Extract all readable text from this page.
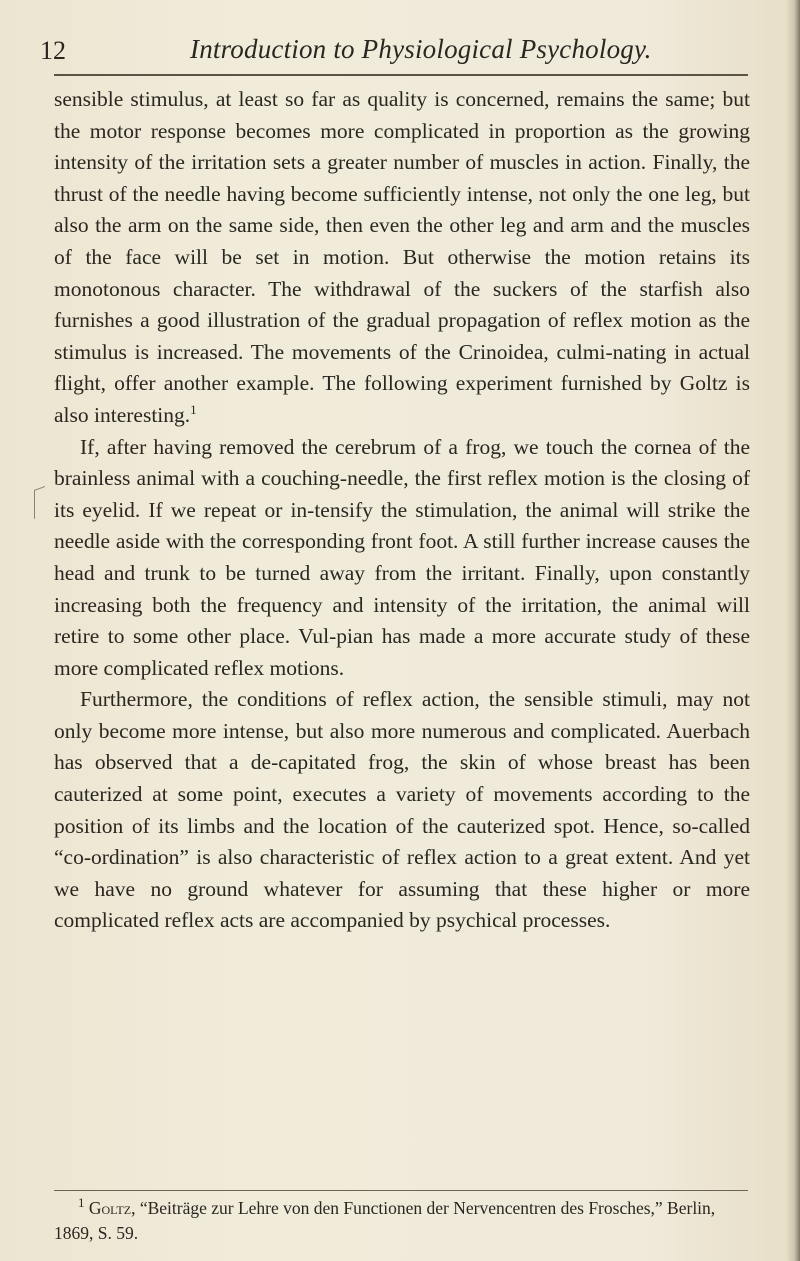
12	Introduction to Physiological Psychology.

sensible stimulus, at least so far as quality is concerned, remains the same; but the motor response becomes more complicated in proportion as the growing intensity of the irritation sets a greater number of muscles in action. Finally, the thrust of the needle having become sufficiently intense, not only the one leg, but also the arm on the same side, then even the other leg and arm and the muscles of the face will be set in motion. But otherwise the motion retains its monotonous character. The withdrawal of the suckers of the starfish also furnishes a good illustration of the gradual propagation of reflex motion as the stimulus is increased. The movements of the Crinoidea, culmi-nating in actual flight, offer another example. The following experiment furnished by Goltz is also interesting.$^1$

If, after having removed the cerebrum of a frog, we touch the cornea of the brainless animal with a couching-needle, the first reflex motion is the closing of its eyelid. If we repeat or in-tensify the stimulation, the animal will strike the needle aside with the corresponding front foot. A still further increase causes the head and trunk to be turned away from the irritant. Finally, upon constantly increasing both the frequency and intensity of the irritation, the animal will retire to some other place. Vul-pian has made a more accurate study of these more complicated reflex motions.

Furthermore, the conditions of reflex action, the sensible stimuli, may not only become more intense, but also more numerous and complicated. Auerbach has observed that a de-capitated frog, the skin of whose breast has been cauterized at some point, executes a variety of movements according to the position of its limbs and the location of the cauterized spot. Hence, so-called “co-ordination” is also characteristic of reflex action to a great extent. And yet we have no ground whatever for assuming that these higher or more complicated reflex acts are accompanied by psychical processes.

$^1$ Goltz, “Beiträge zur Lehre von den Functionen der Nervencentren des Frosches,” Berlin, 1869, S. 59.
